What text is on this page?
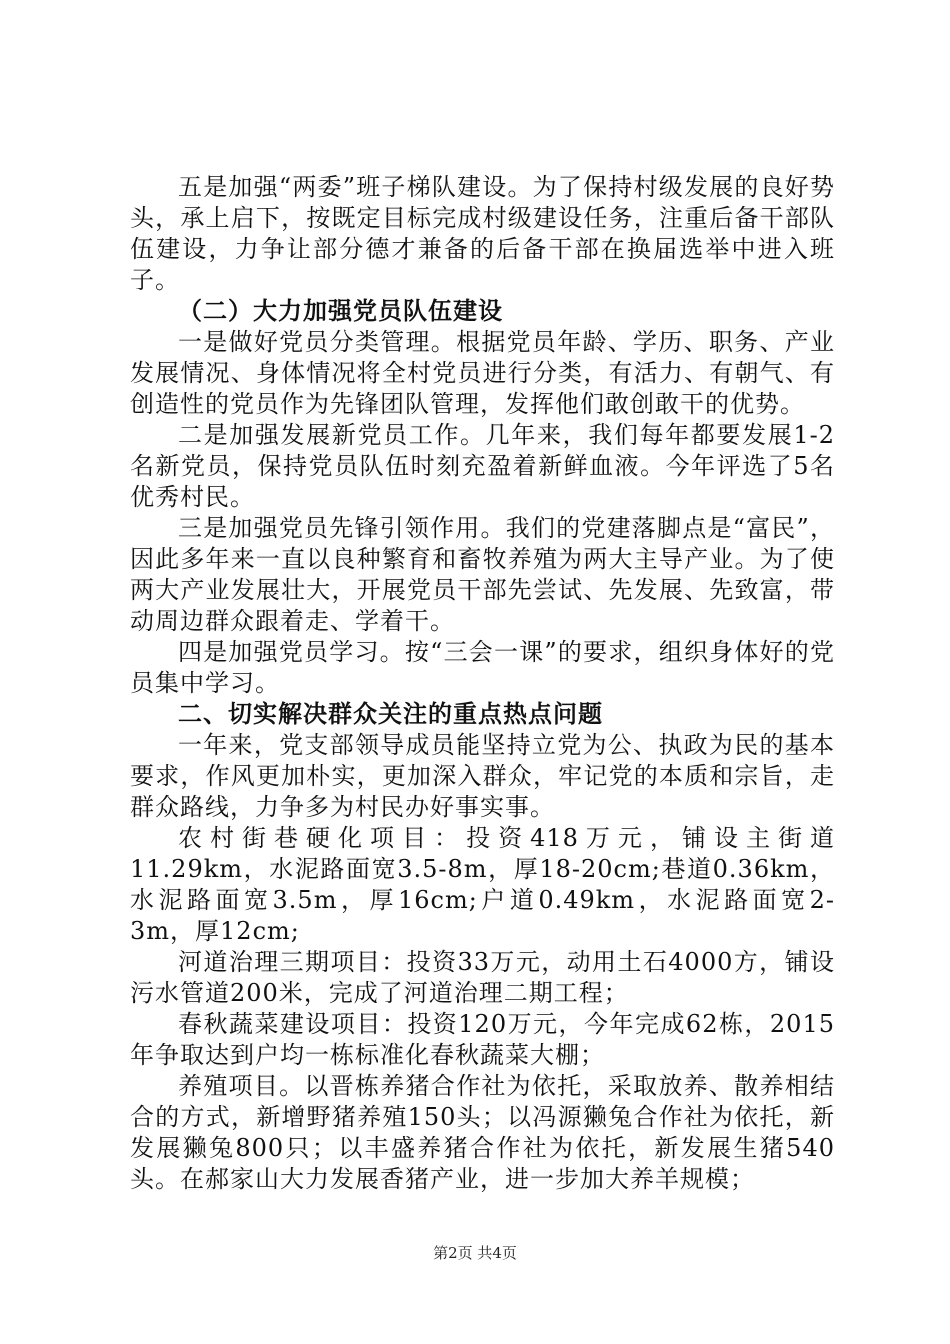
五是加强“两委”班子梯队建设。为了保持村级发展的良好势头，承上启下，按既定目标完成村级建设任务，注重后备干部队伍建设，力争让部分德才兼备的后备干部在换届选举中进入班子。

（二）大力加强党员队伍建设

一是做好党员分类管理。根据党员年龄、学历、职务、产业发展情况、身体情况将全村党员进行分类，有活力、有朝气、有创造性的党员作为先锋团队管理，发挥他们敢创敢干的优势。

二是加强发展新党员工作。几年来，我们每年都要发展1-2名新党员，保持党员队伍时刻充盈着新鲜血液。今年评选了5名优秀村民。

三是加强党员先锋引领作用。我们的党建落脚点是“富民”，因此多年来一直以良种繁育和畜牧养殖为两大主导产业。为了使两大产业发展壮大，开展党员干部先尝试、先发展、先致富，带动周边群众跟着走、学着干。

四是加强党员学习。按“三会一课”的要求，组织身体好的党员集中学习。

二、切实解决群众关注的重点热点问题

一年来，党支部领导成员能坚持立党为公、执政为民的基本要求，作风更加朴实，更加深入群众，牢记党的本质和宗旨，走群众路线，力争多为村民办好事实事。

农村街巷硬化项目：投资418万元，铺设主街道11.29km，水泥路面宽3.5-8m，厚18-20cm;巷道0.36km，水泥路面宽3.5m，厚16cm;户道0.49km，水泥路面宽2-3m，厚12cm;

河道治理三期项目：投资33万元，动用土石4000方，铺设污水管道200米，完成了河道治理二期工程；

春秋蔬菜建设项目：投资120万元，今年完成62栋，2015年争取达到户均一栋标准化春秋蔬菜大棚；

养殖项目。以晋栋养猪合作社为依托，采取放养、散养相结合的方式，新增野猪养殖150头；以冯源獭兔合作社为依托，新发展獭兔800只；以丰盛养猪合作社为依托，新发展生猪540头。在郝家山大力发展香猪产业，进一步加大养羊规模；

第2页 共4页
